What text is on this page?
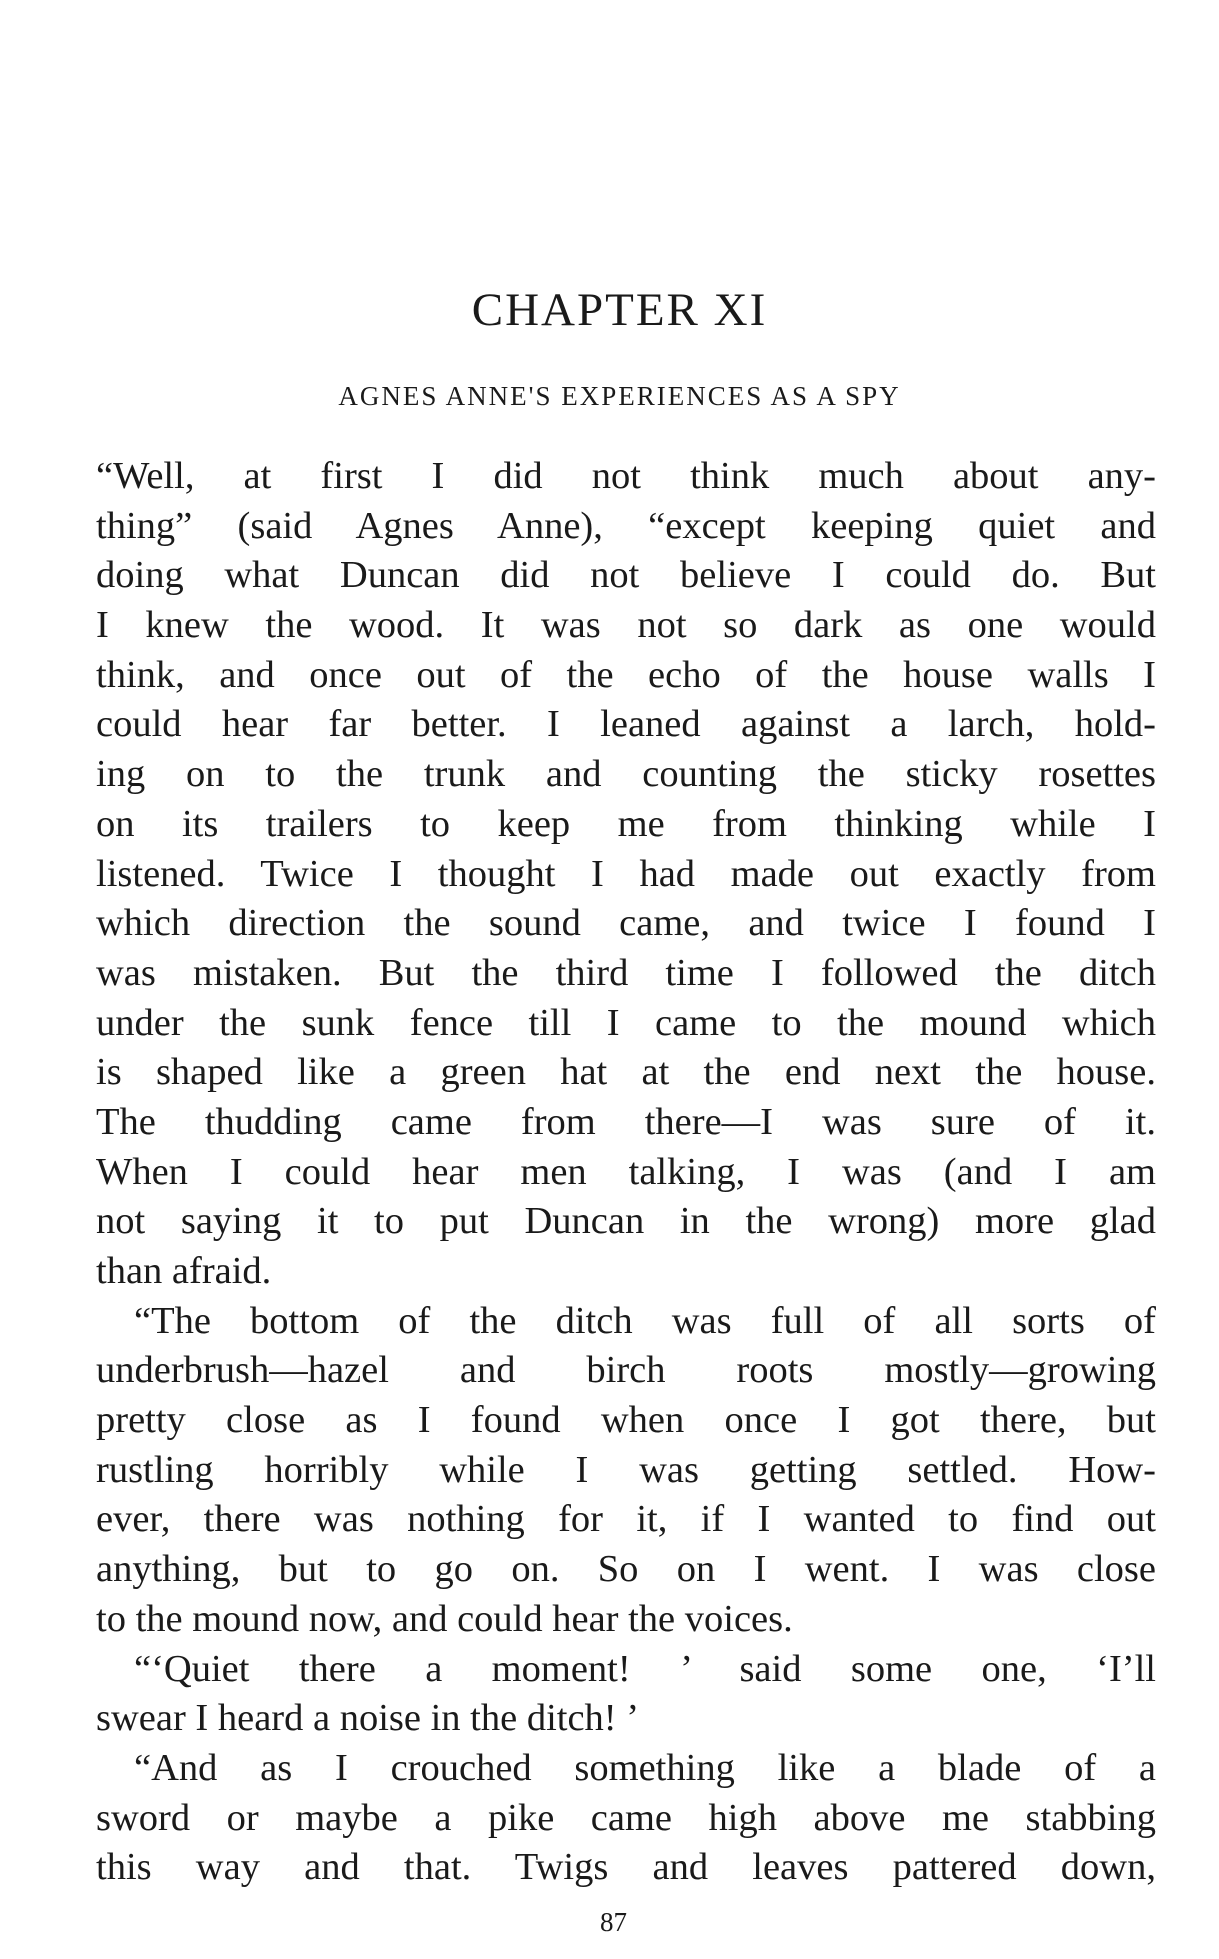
CHAPTER XI
AGNES ANNE'S EXPERIENCES AS A SPY
“Well, at first I did not think much about any-
thing” (said Agnes Anne), “except keeping quiet and
doing what Duncan did not believe I could do. But
I knew the wood. It was not so dark as one would
think, and once out of the echo of the house walls I
could hear far better. I leaned against a larch, hold-
ing on to the trunk and counting the sticky rosettes
on its trailers to keep me from thinking while I
listened. Twice I thought I had made out exactly from
which direction the sound came, and twice I found I
was mistaken. But the third time I followed the ditch
under the sunk fence till I came to the mound which
is shaped like a green hat at the end next the house.
The thudding came from there—I was sure of it.
When I could hear men talking, I was (and I am
not saying it to put Duncan in the wrong) more glad
than afraid.
“The bottom of the ditch was full of all sorts of
underbrush—hazel and birch roots mostly—growing
pretty close as I found when once I got there, but
rustling horribly while I was getting settled. How-
ever, there was nothing for it, if I wanted to find out
anything, but to go on. So on I went. I was close
to the mound now, and could hear the voices.
“‘Quiet there a moment! ’ said some one, ‘I’ll
swear I heard a noise in the ditch! ’
“And as I crouched something like a blade of a
sword or maybe a pike came high above me stabbing
this way and that. Twigs and leaves pattered down,
87
